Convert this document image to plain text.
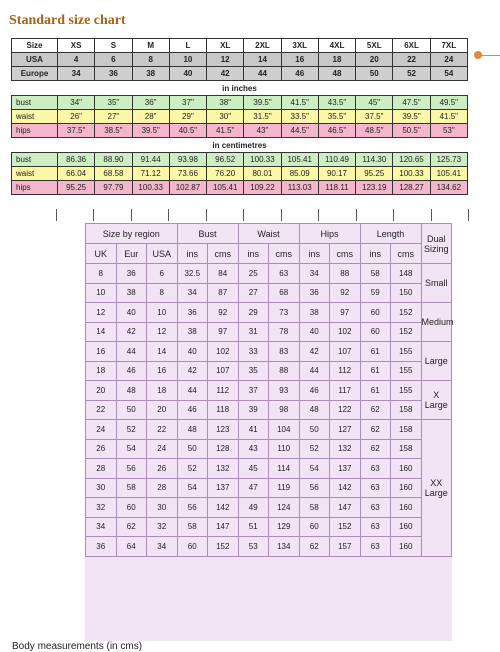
Standard size chart
Size	XS	S	M	L	XL	2XL	3XL	4XL	5XL	6XL	7XL
USA	4	6	8	10	12	14	16	18	20	22	24
Europe	34	36	38	40	42	44	46	48	50	52	54
in inches											
bust	34"	35"	36"	37"	38"	39.5"	41.5"	43.5"	45"	47.5"	49.5"
waist	26"	27"	28"	29"	30"	31.5"	33.5"	35.5"	37.5"	39.5"	41.5"
hips	37.5"	38.5"	39.5"	40.5"	41.5"	43"	44.5"	46.5"	48.5"	50.5"	53"
in centimetres											
bust	86.36	88.90	91.44	93.98	96.52	100.33	105.41	110.49	114.30	120.65	125.73
waist	66.04	68.58	71.12	73.66	76.20	80.01	85.09	90.17	95.25	100.33	105.41
hips	95.25	97.79	100.33	102.87	105.41	109.22	113.03	118.11	123.19	128.27	134.62
Size by region			Bust		Waist		Hips		Length		Dual Sizing
UK	Eur	USA	ins	cms	ins	cms	ins	cms	ins	cms	
8	36	6	32.5	84	25	63	34	88	58	148	Small
10	38	8	34	87	27	68	36	92	59	150	
12	40	10	36	92	29	73	38	97	60	152	Medium
14	42	12	38	97	31	78	40	102	60	152	
16	44	14	40	102	33	83	42	107	61	155	Large
18	46	16	42	107	35	88	44	112	61	155	
20	48	18	44	112	37	93	46	117	61	155	X Large
22	50	20	46	118	39	98	48	122	62	158	
24	52	22	48	123	41	104	50	127	62	158	XX Large
26	54	24	50	128	43	110	52	132	62	158	
28	56	26	52	132	45	114	54	137	63	160	
30	58	28	54	137	47	119	56	142	63	160	
32	60	30	56	142	49	124	58	147	63	160	
34	62	32	58	147	51	129	60	152	63	160	
36	64	34	60	152	53	134	62	157	63	160	
Body measurements (in cms)
